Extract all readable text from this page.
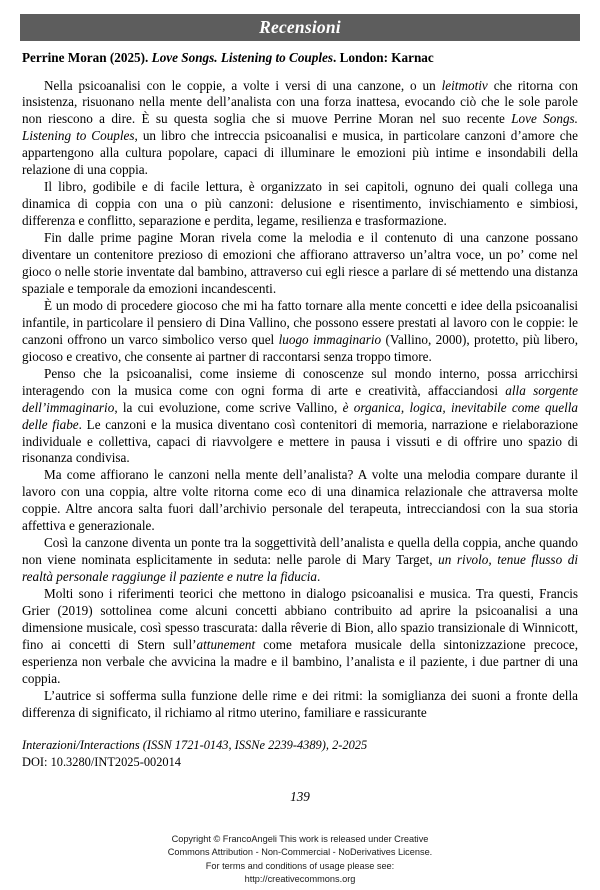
Recensioni

Perrine Moran (2025). Love Songs. Listening to Couples. London: Karnac

Nella psicoanalisi con le coppie, a volte i versi di una canzone, o un leitmotiv che ritorna con insistenza, risuonano nella mente dell’analista con una forza inattesa, evocando ciò che le sole parole non riescono a dire. È su questa soglia che si muove Perrine Moran nel suo recente Love Songs. Listening to Couples, un libro che intreccia psicoanalisi e musica, in particolare canzoni d’amore che appartengono alla cultura popolare, capaci di illuminare le emozioni più intime e insondabili della relazione di una coppia.

Il libro, godibile e di facile lettura, è organizzato in sei capitoli, ognuno dei quali collega una dinamica di coppia con una o più canzoni: delusione e risentimento, invischiamento e simbiosi, differenza e conflitto, separazione e perdita, legame, resilienza e trasformazione.

Fin dalle prime pagine Moran rivela come la melodia e il contenuto di una canzone possano diventare un contenitore prezioso di emozioni che affiorano attraverso un’altra voce, un po’ come nel gioco o nelle storie inventate dal bambino, attraverso cui egli riesce a parlare di sé mettendo una distanza spaziale e temporale da emozioni incandescenti.

È un modo di procedere giocoso che mi ha fatto tornare alla mente concetti e idee della psicoanalisi infantile, in particolare il pensiero di Dina Vallino, che possono essere prestati al lavoro con le coppie: le canzoni offrono un varco simbolico verso quel luogo immaginario (Vallino, 2000), protetto, più libero, giocoso e creativo, che consente ai partner di raccontarsi senza troppo timore.

Penso che la psicoanalisi, come insieme di conoscenze sul mondo interno, possa arricchirsi interagendo con la musica come con ogni forma di arte e creatività, affacciandosi alla sorgente dell’immaginario, la cui evoluzione, come scrive Vallino, è organica, logica, inevitabile come quella delle fiabe. Le canzoni e la musica diventano così contenitori di memoria, narrazione e rielaborazione individuale e collettiva, capaci di riavvolgere e mettere in pausa i vissuti e di offrire uno spazio di risonanza condivisa.

Ma come affiorano le canzoni nella mente dell’analista? A volte una melodia compare durante il lavoro con una coppia, altre volte ritorna come eco di una dinamica relazionale che attraversa molte coppie. Altre ancora salta fuori dall’archivio personale del terapeuta, intrecciandosi con la sua storia affettiva e generazionale.

Così la canzone diventa un ponte tra la soggettività dell’analista e quella della coppia, anche quando non viene nominata esplicitamente in seduta: nelle parole di Mary Target, un rivolo, tenue flusso di realtà personale raggiunge il paziente e nutre la fiducia.

Molti sono i riferimenti teorici che mettono in dialogo psicoanalisi e musica. Tra questi, Francis Grier (2019) sottolinea come alcuni concetti abbiano contribuito ad aprire la psicoanalisi a una dimensione musicale, così spesso trascurata: dalla rêverie di Bion, allo spazio transizionale di Winnicott, fino ai concetti di Stern sull’attunement come metafora musicale della sintonizzazione precoce, esperienza non verbale che avvicina la madre e il bambino, l’analista e il paziente, i due partner di una coppia.

L’autrice si sofferma sulla funzione delle rime e dei ritmi: la somiglianza dei suoni a fronte della differenza di significato, il richiamo al ritmo uterino, familiare e rassicurante

Interazioni/Interactions (ISSN 1721-0143, ISSNe 2239-4389), 2-2025
DOI: 10.3280/INT2025-002014
139
Copyright © FrancoAngeli This work is released under Creative
Commons Attribution - Non-Commercial - NoDerivatives License.
For terms and conditions of usage please see:
http://creativecommons.org
